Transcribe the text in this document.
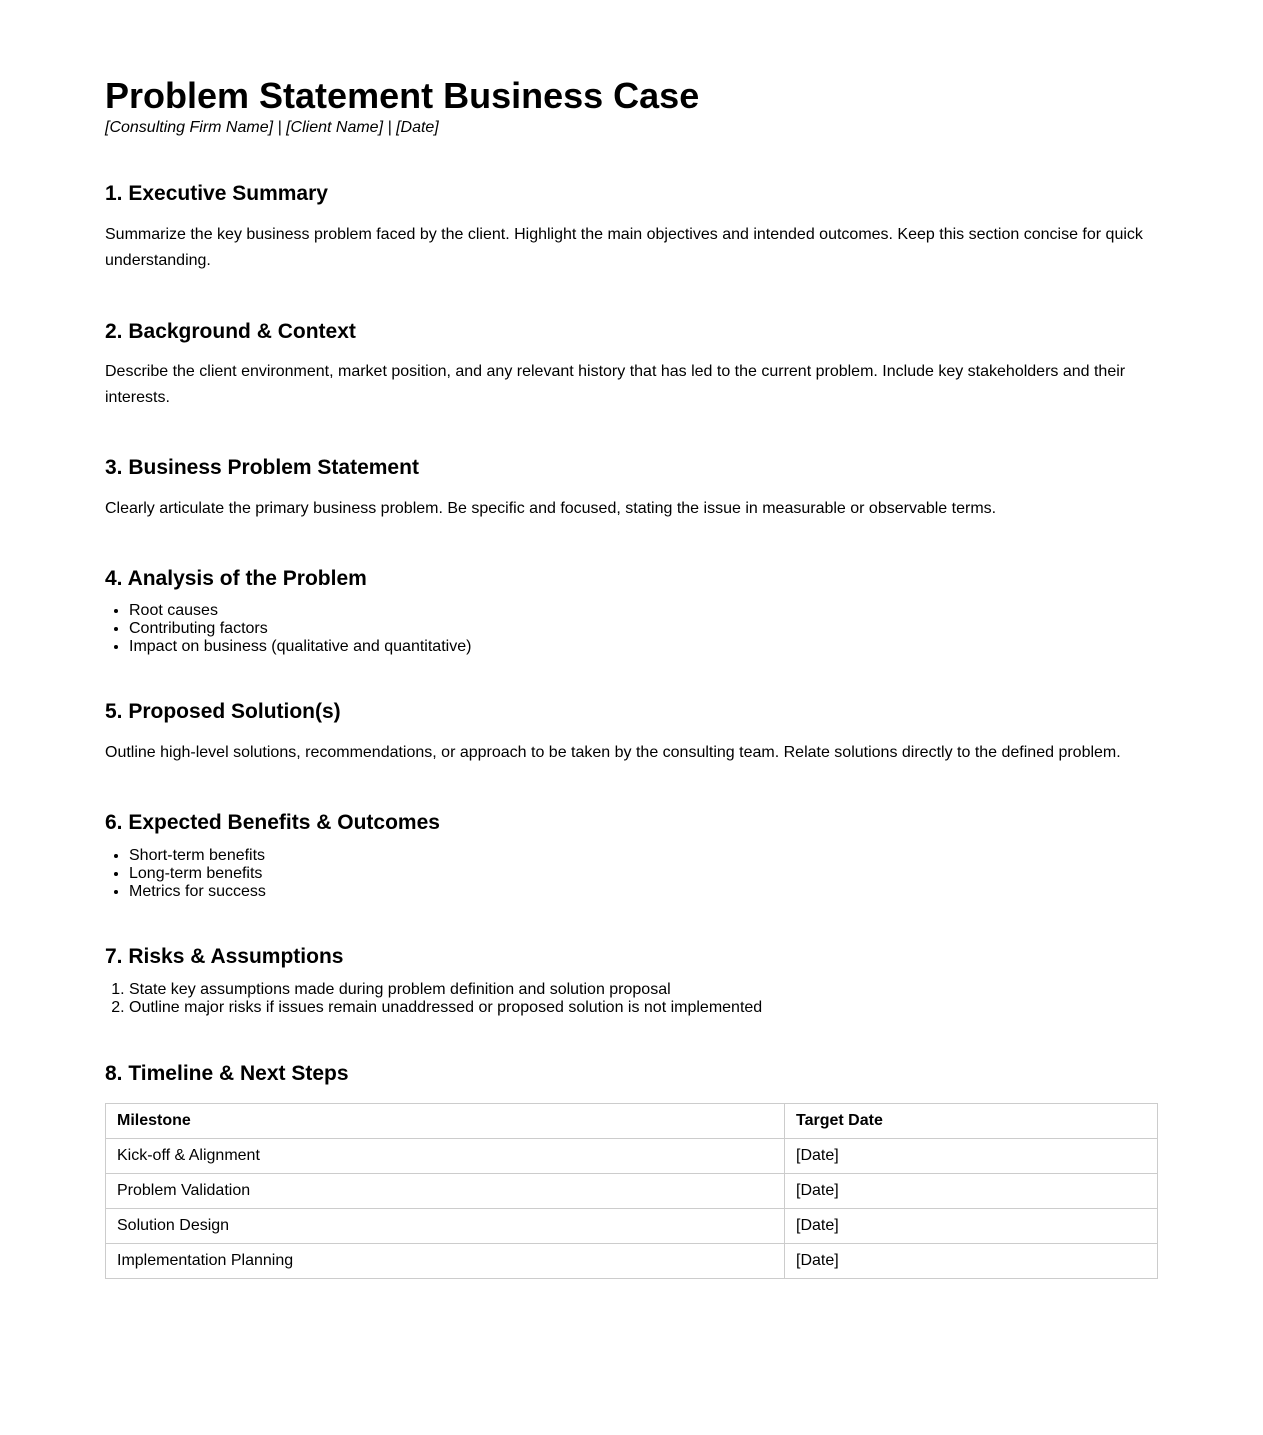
Problem Statement Business Case

[Consulting Firm Name] | [Client Name] | [Date]

1. Executive Summary

Summarize the key business problem faced by the client. Highlight the main objectives and intended outcomes. Keep this section concise for quick understanding.

2. Background & Context

Describe the client environment, market position, and any relevant history that has led to the current problem. Include key stakeholders and their interests.

3. Business Problem Statement

Clearly articulate the primary business problem. Be specific and focused, stating the issue in measurable or observable terms.

4. Analysis of the Problem
• Root causes
• Contributing factors
• Impact on business (qualitative and quantitative)
5. Proposed Solution(s)

Outline high-level solutions, recommendations, or approach to be taken by the consulting team. Relate solutions directly to the defined problem.

6. Expected Benefits & Outcomes
• Short-term benefits
• Long-term benefits
• Metrics for success
7. Risks & Assumptions
1. State key assumptions made during problem definition and solution proposal
2. Outline major risks if issues remain unaddressed or proposed solution is not implemented
8. Timeline & Next Steps
Milestone	Target Date
Kick-off & Alignment	[Date]
Problem Validation	[Date]
Solution Design	[Date]
Implementation Planning	[Date]
